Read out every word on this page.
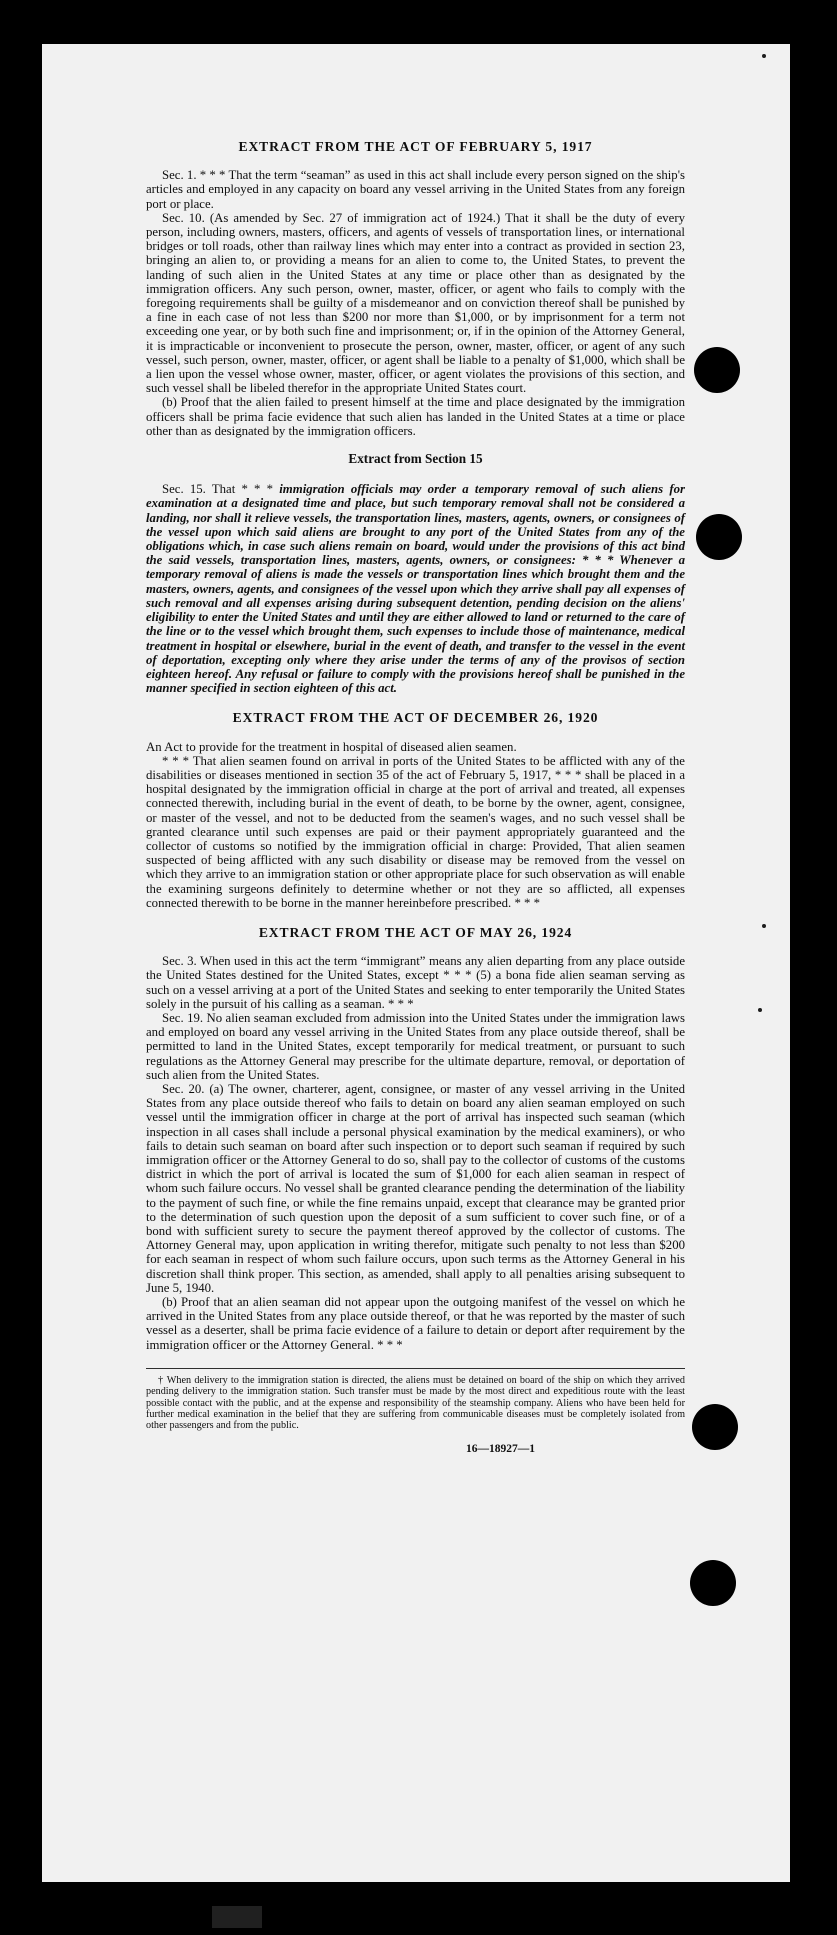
EXTRACT FROM THE ACT OF FEBRUARY 5, 1917

Sec. 1. * * * That the term “seaman” as used in this act shall include every person signed on the ship's articles and employed in any capacity on board any vessel arriving in the United States from any foreign port or place.

Sec. 10. (As amended by Sec. 27 of immigration act of 1924.) That it shall be the duty of every person, including owners, masters, officers, and agents of vessels of transportation lines, or international bridges or toll roads, other than railway lines which may enter into a contract as provided in section 23, bringing an alien to, or providing a means for an alien to come to, the United States, to prevent the landing of such alien in the United States at any time or place other than as designated by the immigration officers. Any such person, owner, master, officer, or agent who fails to comply with the foregoing requirements shall be guilty of a misdemeanor and on conviction thereof shall be punished by a fine in each case of not less than $200 nor more than $1,000, or by imprisonment for a term not exceeding one year, or by both such fine and imprisonment; or, if in the opinion of the Attorney General, it is impracticable or inconvenient to prosecute the person, owner, master, officer, or agent of any such vessel, such person, owner, master, officer, or agent shall be liable to a penalty of $1,000, which shall be a lien upon the vessel whose owner, master, officer, or agent violates the provisions of this section, and such vessel shall be libeled therefor in the appropriate United States court.

(b) Proof that the alien failed to present himself at the time and place designated by the immigration officers shall be prima facie evidence that such alien has landed in the United States at a time or place other than as designated by the immigration officers.

Extract from Section 15

Sec. 15. That * * * immigration officials may order a temporary removal of such aliens for examination at a designated time and place, but such temporary removal shall not be considered a landing, nor shall it relieve vessels, the transportation lines, masters, agents, owners, or consignees of the vessel upon which said aliens are brought to any port of the United States from any of the obligations which, in case such aliens remain on board, would under the provisions of this act bind the said vessels, transportation lines, masters, agents, owners, or consignees: * * * Whenever a temporary removal of aliens is made the vessels or transportation lines which brought them and the masters, owners, agents, and consignees of the vessel upon which they arrive shall pay all expenses of such removal and all expenses arising during subsequent detention, pending decision on the aliens' eligibility to enter the United States and until they are either allowed to land or returned to the care of the line or to the vessel which brought them, such expenses to include those of maintenance, medical treatment in hospital or elsewhere, burial in the event of death, and transfer to the vessel in the event of deportation, excepting only where they arise under the terms of any of the provisos of section eighteen hereof. Any refusal or failure to comply with the provisions hereof shall be punished in the manner specified in section eighteen of this act.

EXTRACT FROM THE ACT OF DECEMBER 26, 1920

An Act to provide for the treatment in hospital of diseased alien seamen.

* * * That alien seamen found on arrival in ports of the United States to be afflicted with any of the disabilities or diseases mentioned in section 35 of the act of February 5, 1917, * * * shall be placed in a hospital designated by the immigration official in charge at the port of arrival and treated, all expenses connected therewith, including burial in the event of death, to be borne by the owner, agent, consignee, or master of the vessel, and not to be deducted from the seamen's wages, and no such vessel shall be granted clearance until such expenses are paid or their payment appropriately guaranteed and the collector of customs so notified by the immigration official in charge: Provided, That alien seamen suspected of being afflicted with any such disability or disease may be removed from the vessel on which they arrive to an immigration station or other appropriate place for such observation as will enable the examining surgeons definitely to determine whether or not they are so afflicted, all expenses connected therewith to be borne in the manner hereinbefore prescribed. * * *

EXTRACT FROM THE ACT OF MAY 26, 1924

Sec. 3. When used in this act the term “immigrant” means any alien departing from any place outside the United States destined for the United States, except * * * (5) a bona fide alien seaman serving as such on a vessel arriving at a port of the United States and seeking to enter temporarily the United States solely in the pursuit of his calling as a seaman. * * *

Sec. 19. No alien seaman excluded from admission into the United States under the immigration laws and employed on board any vessel arriving in the United States from any place outside thereof, shall be permitted to land in the United States, except temporarily for medical treatment, or pursuant to such regulations as the Attorney General may prescribe for the ultimate departure, removal, or deportation of such alien from the United States.

Sec. 20. (a) The owner, charterer, agent, consignee, or master of any vessel arriving in the United States from any place outside thereof who fails to detain on board any alien seaman employed on such vessel until the immigration officer in charge at the port of arrival has inspected such seaman (which inspection in all cases shall include a personal physical examination by the medical examiners), or who fails to detain such seaman on board after such inspection or to deport such seaman if required by such immigration officer or the Attorney General to do so, shall pay to the collector of customs of the customs district in which the port of arrival is located the sum of $1,000 for each alien seaman in respect of whom such failure occurs. No vessel shall be granted clearance pending the determination of the liability to the payment of such fine, or while the fine remains unpaid, except that clearance may be granted prior to the determination of such question upon the deposit of a sum sufficient to cover such fine, or of a bond with sufficient surety to secure the payment thereof approved by the collector of customs. The Attorney General may, upon application in writing therefor, mitigate such penalty to not less than $200 for each seaman in respect of whom such failure occurs, upon such terms as the Attorney General in his discretion shall think proper. This section, as amended, shall apply to all penalties arising subsequent to June 5, 1940.

(b) Proof that an alien seaman did not appear upon the outgoing manifest of the vessel on which he arrived in the United States from any place outside thereof, or that he was reported by the master of such vessel as a deserter, shall be prima facie evidence of a failure to detain or deport after requirement by the immigration officer or the Attorney General. * * *

† When delivery to the immigration station is directed, the aliens must be detained on board of the ship on which they arrived pending delivery to the immigration station. Such transfer must be made by the most direct and expeditious route with the least possible contact with the public, and at the expense and responsibility of the steamship company. Aliens who have been held for further medical examination in the belief that they are suffering from communicable diseases must be completely isolated from other passengers and from the public.

16—18927—1
